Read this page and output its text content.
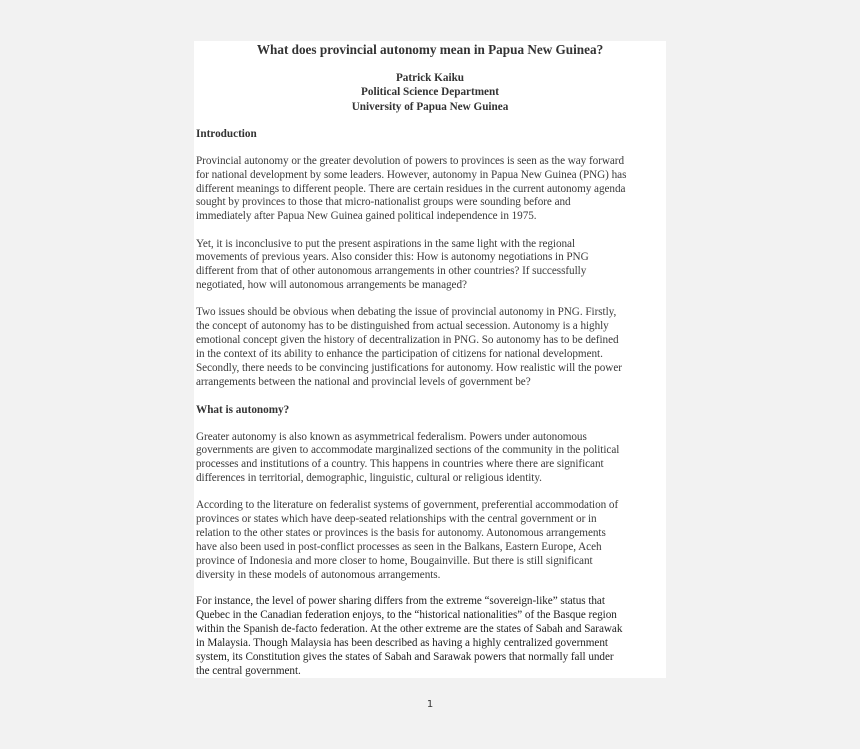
What does provincial autonomy mean in Papua New Guinea?
Patrick Kaiku
Political Science Department
University of Papua New Guinea
Introduction

Provincial autonomy or the greater devolution of powers to provinces is seen as the way forward
for national development by some leaders. However, autonomy in Papua New Guinea (PNG) has
different meanings to different people. There are certain residues in the current autonomy agenda
sought by provinces to those that micro-nationalist groups were sounding before and
immediately after Papua New Guinea gained political independence in 1975.

Yet, it is inconclusive to put the present aspirations in the same light with the regional
movements of previous years. Also consider this: How is autonomy negotiations in PNG
different from that of other autonomous arrangements in other countries? If successfully
negotiated, how will autonomous arrangements be managed?

Two issues should be obvious when debating the issue of provincial autonomy in PNG. Firstly,
the concept of autonomy has to be distinguished from actual secession. Autonomy is a highly
emotional concept given the history of decentralization in PNG. So autonomy has to be defined
in the context of its ability to enhance the participation of citizens for national development.
Secondly, there needs to be convincing justifications for autonomy. How realistic will the power
arrangements between the national and provincial levels of government be?

What is autonomy?

Greater autonomy is also known as asymmetrical federalism. Powers under autonomous
governments are given to accommodate marginalized sections of the community in the political
processes and institutions of a country. This happens in countries where there are significant
differences in territorial, demographic, linguistic, cultural or religious identity.

According to the literature on federalist systems of government, preferential accommodation of
provinces or states which have deep-seated relationships with the central government or in
relation to the other states or provinces is the basis for autonomy. Autonomous arrangements
have also been used in post-conflict processes as seen in the Balkans, Eastern Europe, Aceh
province of Indonesia and more closer to home, Bougainville. But there is still significant
diversity in these models of autonomous arrangements.

For instance, the level of power sharing differs from the extreme “sovereign-like” status that
Quebec in the Canadian federation enjoys, to the “historical nationalities” of the Basque region
within the Spanish de-facto federation. At the other extreme are the states of Sabah and Sarawak
in Malaysia. Though Malaysia has been described as having a highly centralized government
system, its Constitution gives the states of Sabah and Sarawak powers that normally fall under
the central government.

1
